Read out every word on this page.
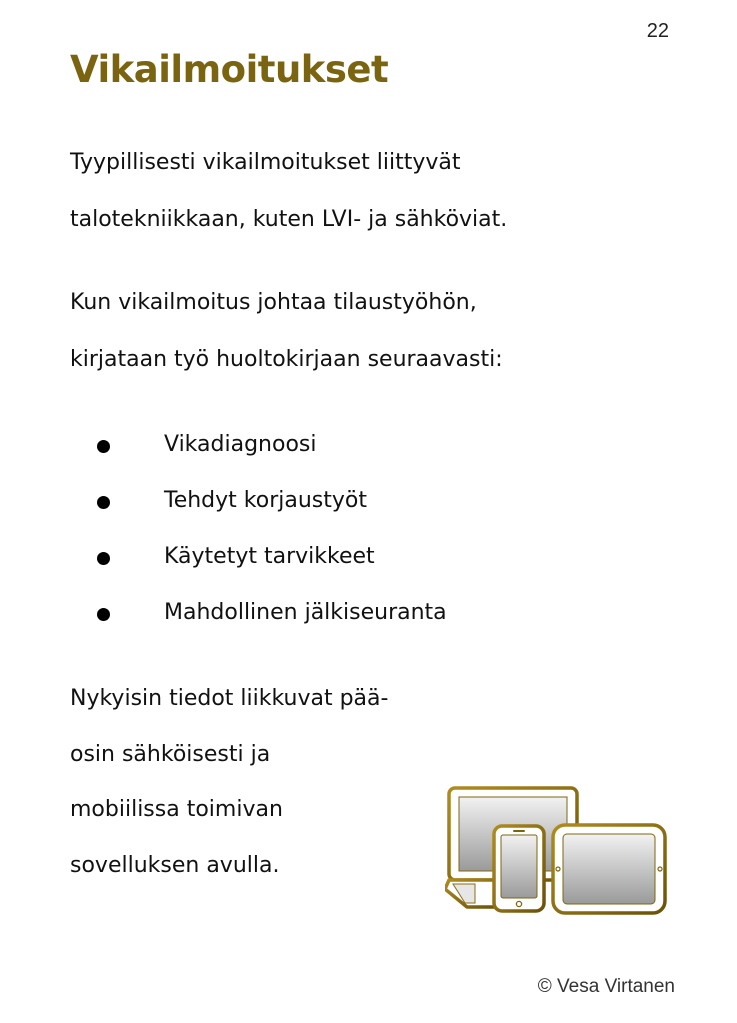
22
Vikailmoitukset

Tyypillisesti vikailmoitukset liittyvät

talotekniikkaan, kuten LVI- ja sähköviat.

Kun vikailmoitus johtaa tilaustyöhön,

kirjataan työ huoltokirjaan seuraavasti:

Vikadiagnoosi
Tehdyt korjaustyöt
Käytetyt tarvikkeet
Mahdollinen jälkiseuranta

Nykyisin tiedot liikkuvat pää-

osin sähköisesti ja

mobiilissa toimivan

sovelluksen avulla.

© Vesa Virtanen
